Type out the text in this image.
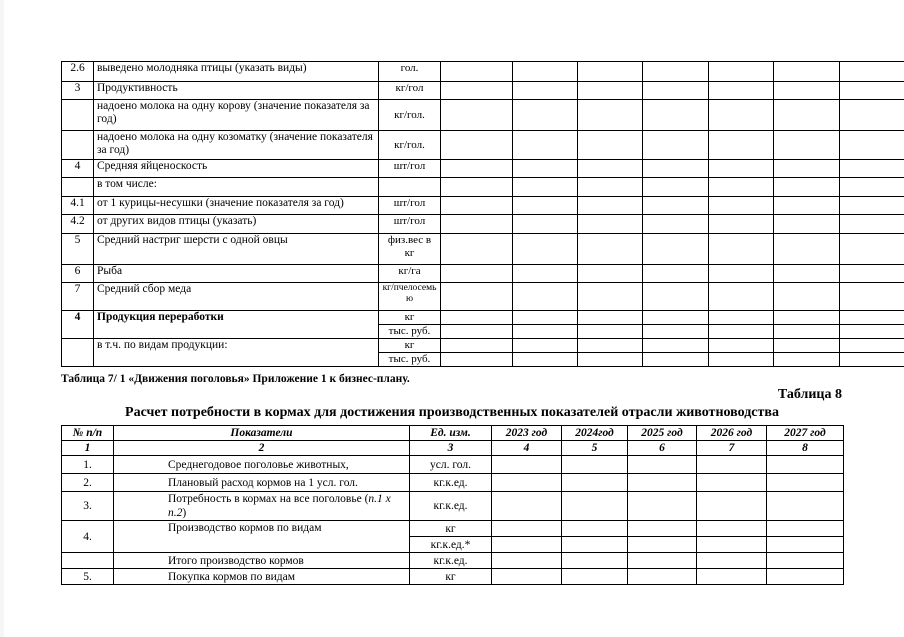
2.6	выведено молодняка птицы (указать виды)	гол.							
3	Продуктивность	кг/гол							
	надоено молока на одну корову (значение показателя за год)	кг/гол.							
	надоено молока на одну козоматку (значение показателя за год)	кг/гол.							
4	Средняя яйценоскость	шт/гол							
	в том числе:								
4.1	от 1 курицы-несушки (значение показателя за год)	шт/гол							
4.2	от других видов птицы (указать)	шт/гол							
5	Средний настриг шерсти с одной овцы	физ.вес в кг							
6	Рыба	кг/га							
7	Средний сбор меда	кг/пчелосемью							
4	Продукция переработки	кг							
		тыс. руб.							
	в т.ч. по видам продукции:	кг							
		тыс. руб.							
Таблица 7/ 1 «Движения поголовья» Приложение 1 к бизнес-плану.
Таблица 8
Расчет потребности в кормах для достижения производственных показателей отрасли животноводства
№ п/п	Показатели	Ед. изм.	2023 год	2024год	2025 год	2026 год	2027 год
1	2	3	4	5	6	7	8
1.	Среднегодовое поголовье животных,	усл. гол.					
2.	Плановый расход кормов на 1 усл. гол.	кг.к.ед.					
3.	Потребность в кормах на все поголовье (п.1 х п.2)	кг.к.ед.					
4.	Производство кормов по видам	кг					
		кг.к.ед.*					
	Итого производство кормов	кг.к.ед.					
5.	Покупка кормов по видам	кг					
